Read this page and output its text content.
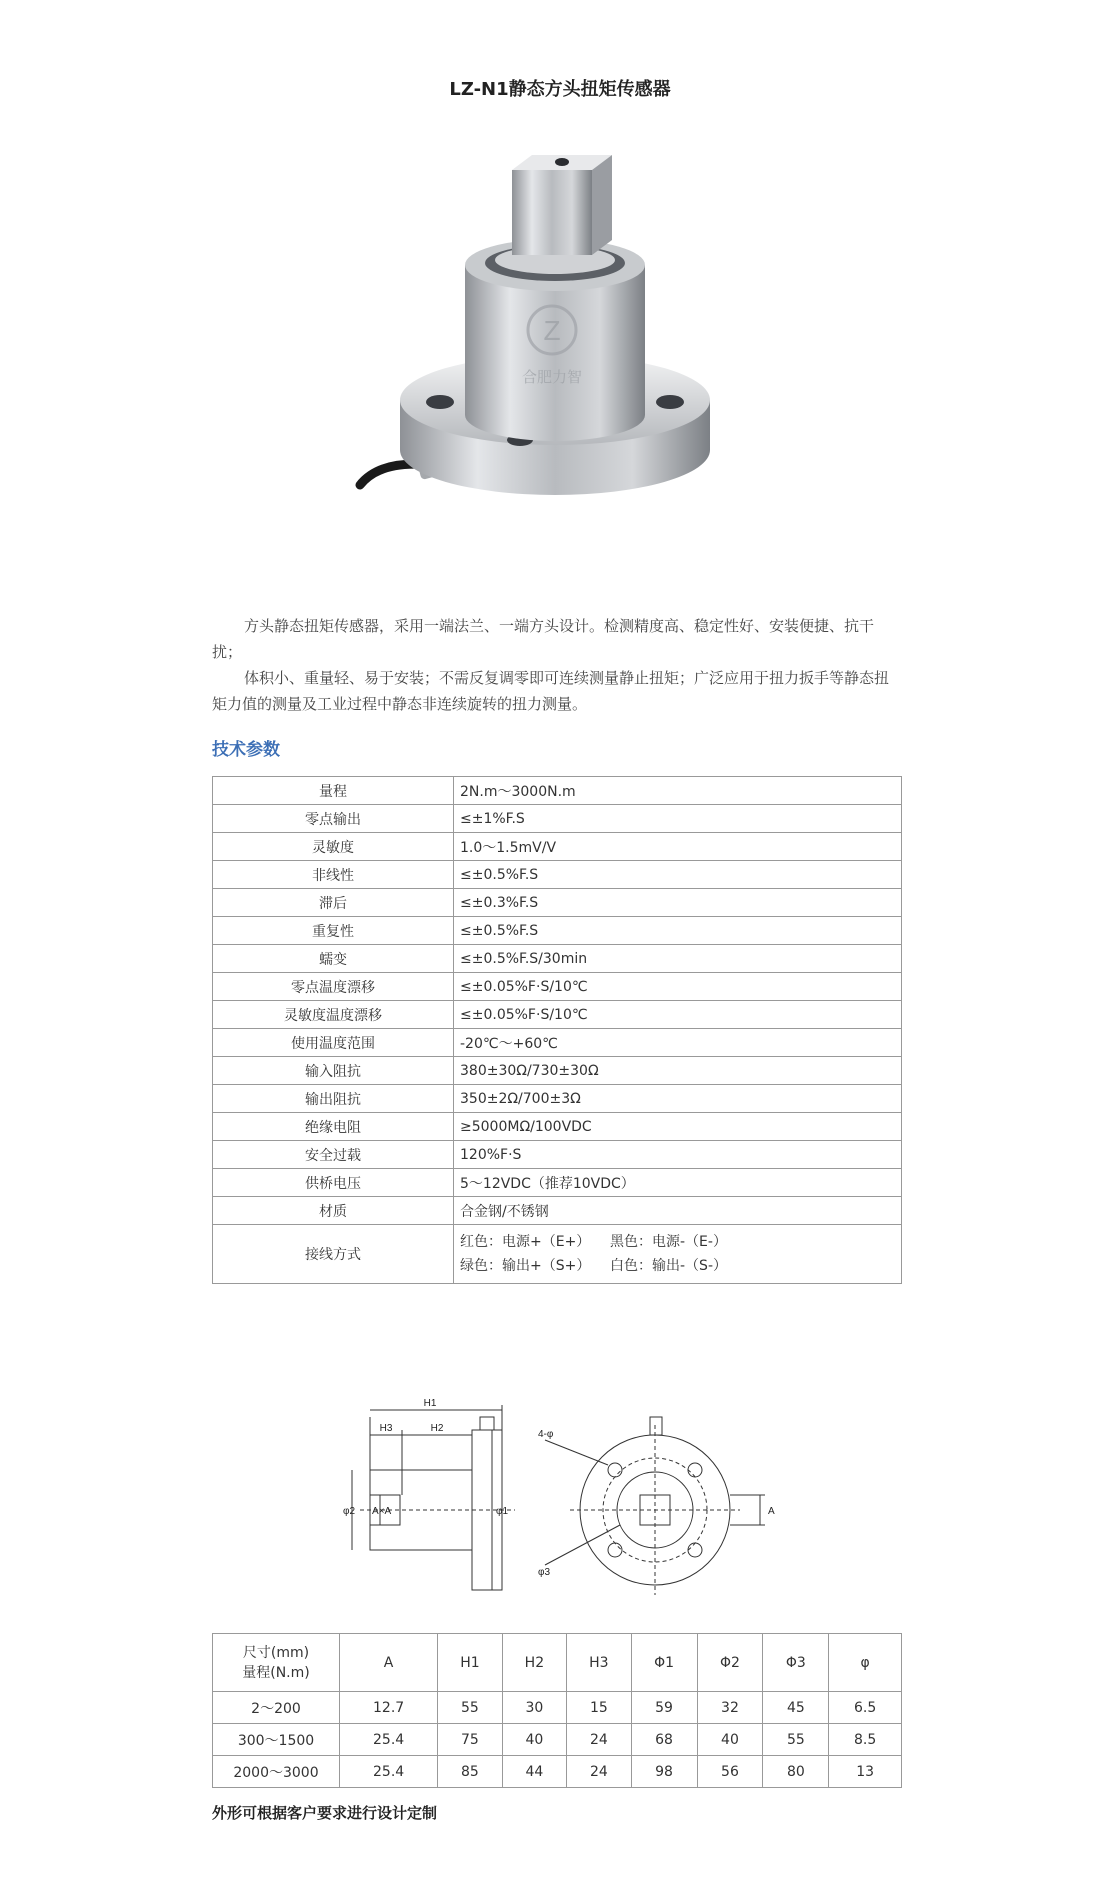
LZ-N1静态方头扭矩传感器
Z
合肥力智

方头静态扭矩传感器，采用一端法兰、一端方头设计。检测精度高、稳定性好、安装便捷、抗干扰；

体积小、重量轻、易于安装；不需反复调零即可连续测量静止扭矩；广泛应用于扭力扳手等静态扭矩力值的测量及工业过程中静态非连续旋转的扭力测量。

技术参数
量程	2N.m～3000N.m
零点输出	≤±1%F.S
灵敏度	1.0～1.5mV/V
非线性	≤±0.5%F.S
滞后	≤±0.3%F.S
重复性	≤±0.5%F.S
蠕变	≤±0.5%F.S/30min
零点温度漂移	≤±0.05%F·S/10℃
灵敏度温度漂移	≤±0.05%F·S/10℃
使用温度范围	-20℃～+60℃
输入阻抗	380±30Ω/730±30Ω
输出阻抗	350±2Ω/700±3Ω
绝缘电阻	≥5000MΩ/100VDC
安全过载	120%F·S
供桥电压	5～12VDC（推荐10VDC）
材质	合金钢/不锈钢
接线方式	红色：电源+（E+） 黑色：电源-（E-）
绿色：输出+（S+） 白色：输出-（S-）
H1
H3	H2
φ2 A×A	φ1
4-φ
φ3
A
尺寸(mm)
量程(N.m)	A	H1	H2	H3	Φ1	Φ2	Φ3	φ
2～200	12.7	55	30	15	59	32	45	6.5
300～1500	25.4	75	40	24	68	40	55	8.5
2000～3000	25.4	85	44	24	98	56	80	13
外形可根据客户要求进行设计定制
